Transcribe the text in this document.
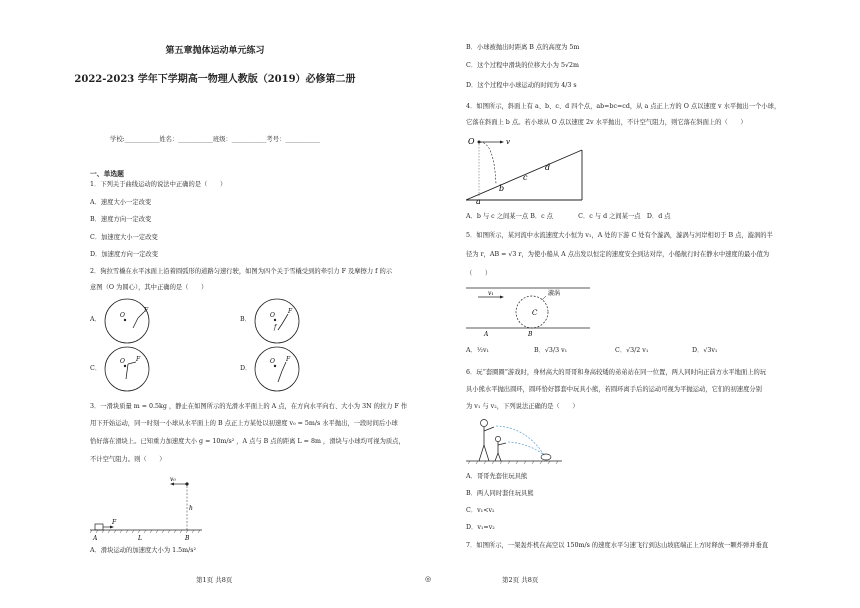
第五章抛体运动单元练习
2022-2023 学年下学期高一物理人教版（2019）必修第二册
学校:___________姓名：___________班级：___________考号：___________
一、单选题
1．下列关于曲线运动的说法中正确的是（　　）
A．速度大小一定改变
B．速度方向一定改变
C．加速度大小一定改变
D．加速度方向一定改变
2．狗拉雪橇在水平冰面上沿着圆弧形的道路匀速行驶，如图为四个关于雪橇受到的牵引力 F 及摩擦力 f 的示
意图（O 为圆心），其中正确的是（　　）
A．
O
F
B．
O
F
f
C．
O F
D．
O F
3．一滑块质量 m = 0.5kg ，静止在如图所示的光滑水平面上的 A 点，在方向水平向右、大小为 3N 的拉力 F 作
用下开始运动，同一时刻一小球从水平面上的 B 点正上方某处以初速度 v₀ = 5m/s 水平抛出，一段时间后小球
恰好落在滑块上。已知重力加速度大小 g = 10m/s² ，A 点与 B 点的距离 L = 8m ，滑块与小球均可视为质点，
不计空气阻力。则（　　）
v₀
h
F
A	L	B
A．滑块运动的加速度大小为 1.5m/s²
第1页 共8页	◎
B．小球被抛出时距离 B 点的高度为 5m
C．这个过程中滑块的位移大小为 5√2m
D．这个过程中小球运动的时间为 4/3 s
4．如图所示，斜面上有 a、b、c、d 四个点，ab=bc=cd，从 a 点正上方的 O 点以速度 v 水平抛出一个小球，
它落在斜面上 b 点。若小球从 O 点以速度 2v 水平抛出，不计空气阻力，则它落在斜面上的（　　）
O	v
a
b
c
d
A．b 与 c 之间某一点 B．c 点　　　　C．c 与 d 之间某一点　D．d 点
5．如图所示，某河流中水流速度大小恒为 v₁，A 处的下游 C 处有个漩涡，漩涡与河岸相切于 B 点，漩涡的半
径为 r，AB = √3 r，为使小船从 A 点出发以恒定的速度安全到达对岸，小船航行时在静水中速度的最小值为
（　　）
v₁
C
漩涡
A	B
A．½v₁	B．√3/3 v₁	C．√3/2 v₁	D．√3v₁
6．玩“套圈圈”游戏时，身材高大的哥哥和身高较矮的弟弟站在同一位置，两人同时向正前方水平地面上的玩
具小熊水平抛出圆环，圆环恰好都套中玩具小熊，若圆环离手后的运动可视为平抛运动，它们的初速度分别
为 v₁ 与 v₂，下列说法正确的是（　　）
A．哥哥先套住玩具熊
B．两人同时套住玩具熊
C．v₁<v₂
D．v₁=v₂
7．如图所示，一架轰炸机在高空以 150m/s 的速度水平匀速飞行到达山坡底端正上方时释放一颗炸弹并垂直
第2页 共8页
